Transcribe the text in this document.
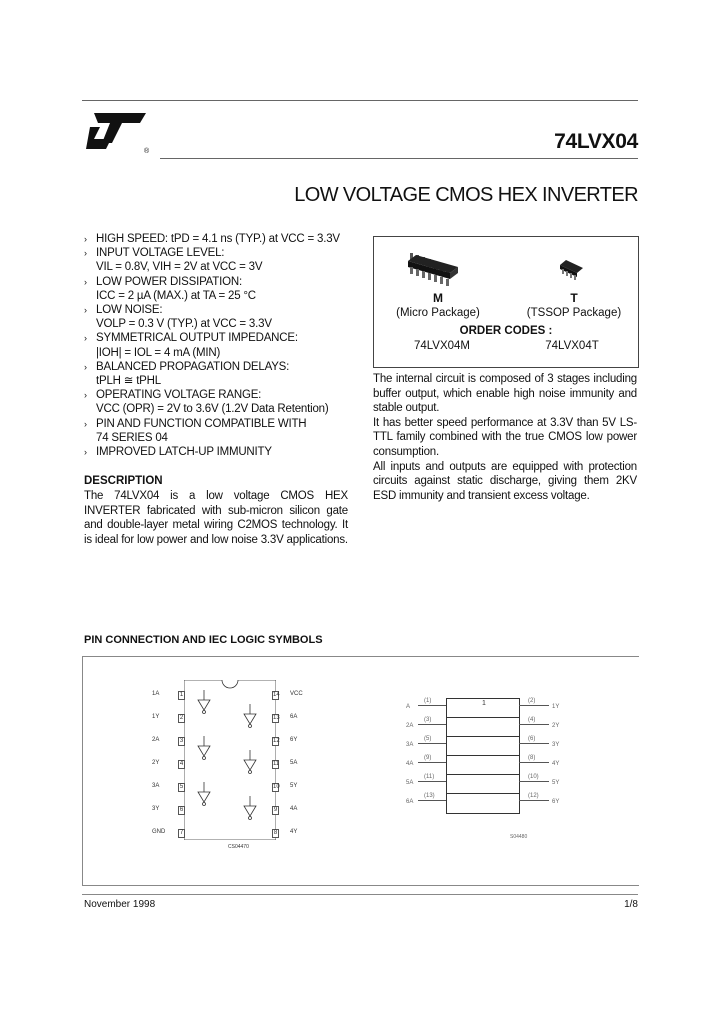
®	74LVX04
LOW VOLTAGE CMOS HEX INVERTER
› HIGH SPEED: tPD = 4.1 ns (TYP.) at VCC = 3.3V
› INPUT VOLTAGE LEVEL:
VIL = 0.8V, VIH = 2V at VCC = 3V
› LOW POWER DISSIPATION:
ICC = 2 µA (MAX.) at TA = 25 °C
› LOW NOISE:
VOLP = 0.3 V (TYP.) at VCC = 3.3V
› SYMMETRICAL OUTPUT IMPEDANCE:
|IOH| = IOL = 4 mA (MIN)
› BALANCED PROPAGATION DELAYS:
tPLH ≅ tPHL
› OPERATING VOLTAGE RANGE:
VCC (OPR) = 2V to 3.6V (1.2V Data Retention)
› PIN AND FUNCTION COMPATIBLE WITH
74 SERIES 04
› IMPROVED LATCH-UP IMMUNITY
DESCRIPTION
The 74LVX04 is a low voltage CMOS HEX INVERTER fabricated with sub-micron silicon gate and double-layer metal wiring C2MOS technology. It is ideal for low power and low noise 3.3V applications.
M
(Micro Package)
T
(TSSOP Package)
ORDER CODES :
74LVX04M	74LVX04T
The internal circuit is composed of 3 stages including buffer output, which enable high noise immunity and stable output.
It has better speed performance at 3.3V than 5V LS-TTL family combined with the true CMOS low power consumption.
All inputs and outputs are equipped with protection circuits against static discharge, giving them 2KV ESD immunity and transient excess voltage.
PIN CONNECTION AND IEC LOGIC SYMBOLS
CS04470
1A	1
1Y	2
2A	3
2Y	4
3A	5
3Y	6
GND	7
14 VCC
13 6A
12 6Y
11 5A
10 5Y
9	4A
8	4Y
1
S04480
A
(1)
2A
(3)
3A
(5)
4A
(9)
5A
(11)
6A
(13)
(2)
1Y
(4)
2Y
(6)
3Y
(8)
4Y
(10)
5Y
(12)
6Y
November 1998	1/8
